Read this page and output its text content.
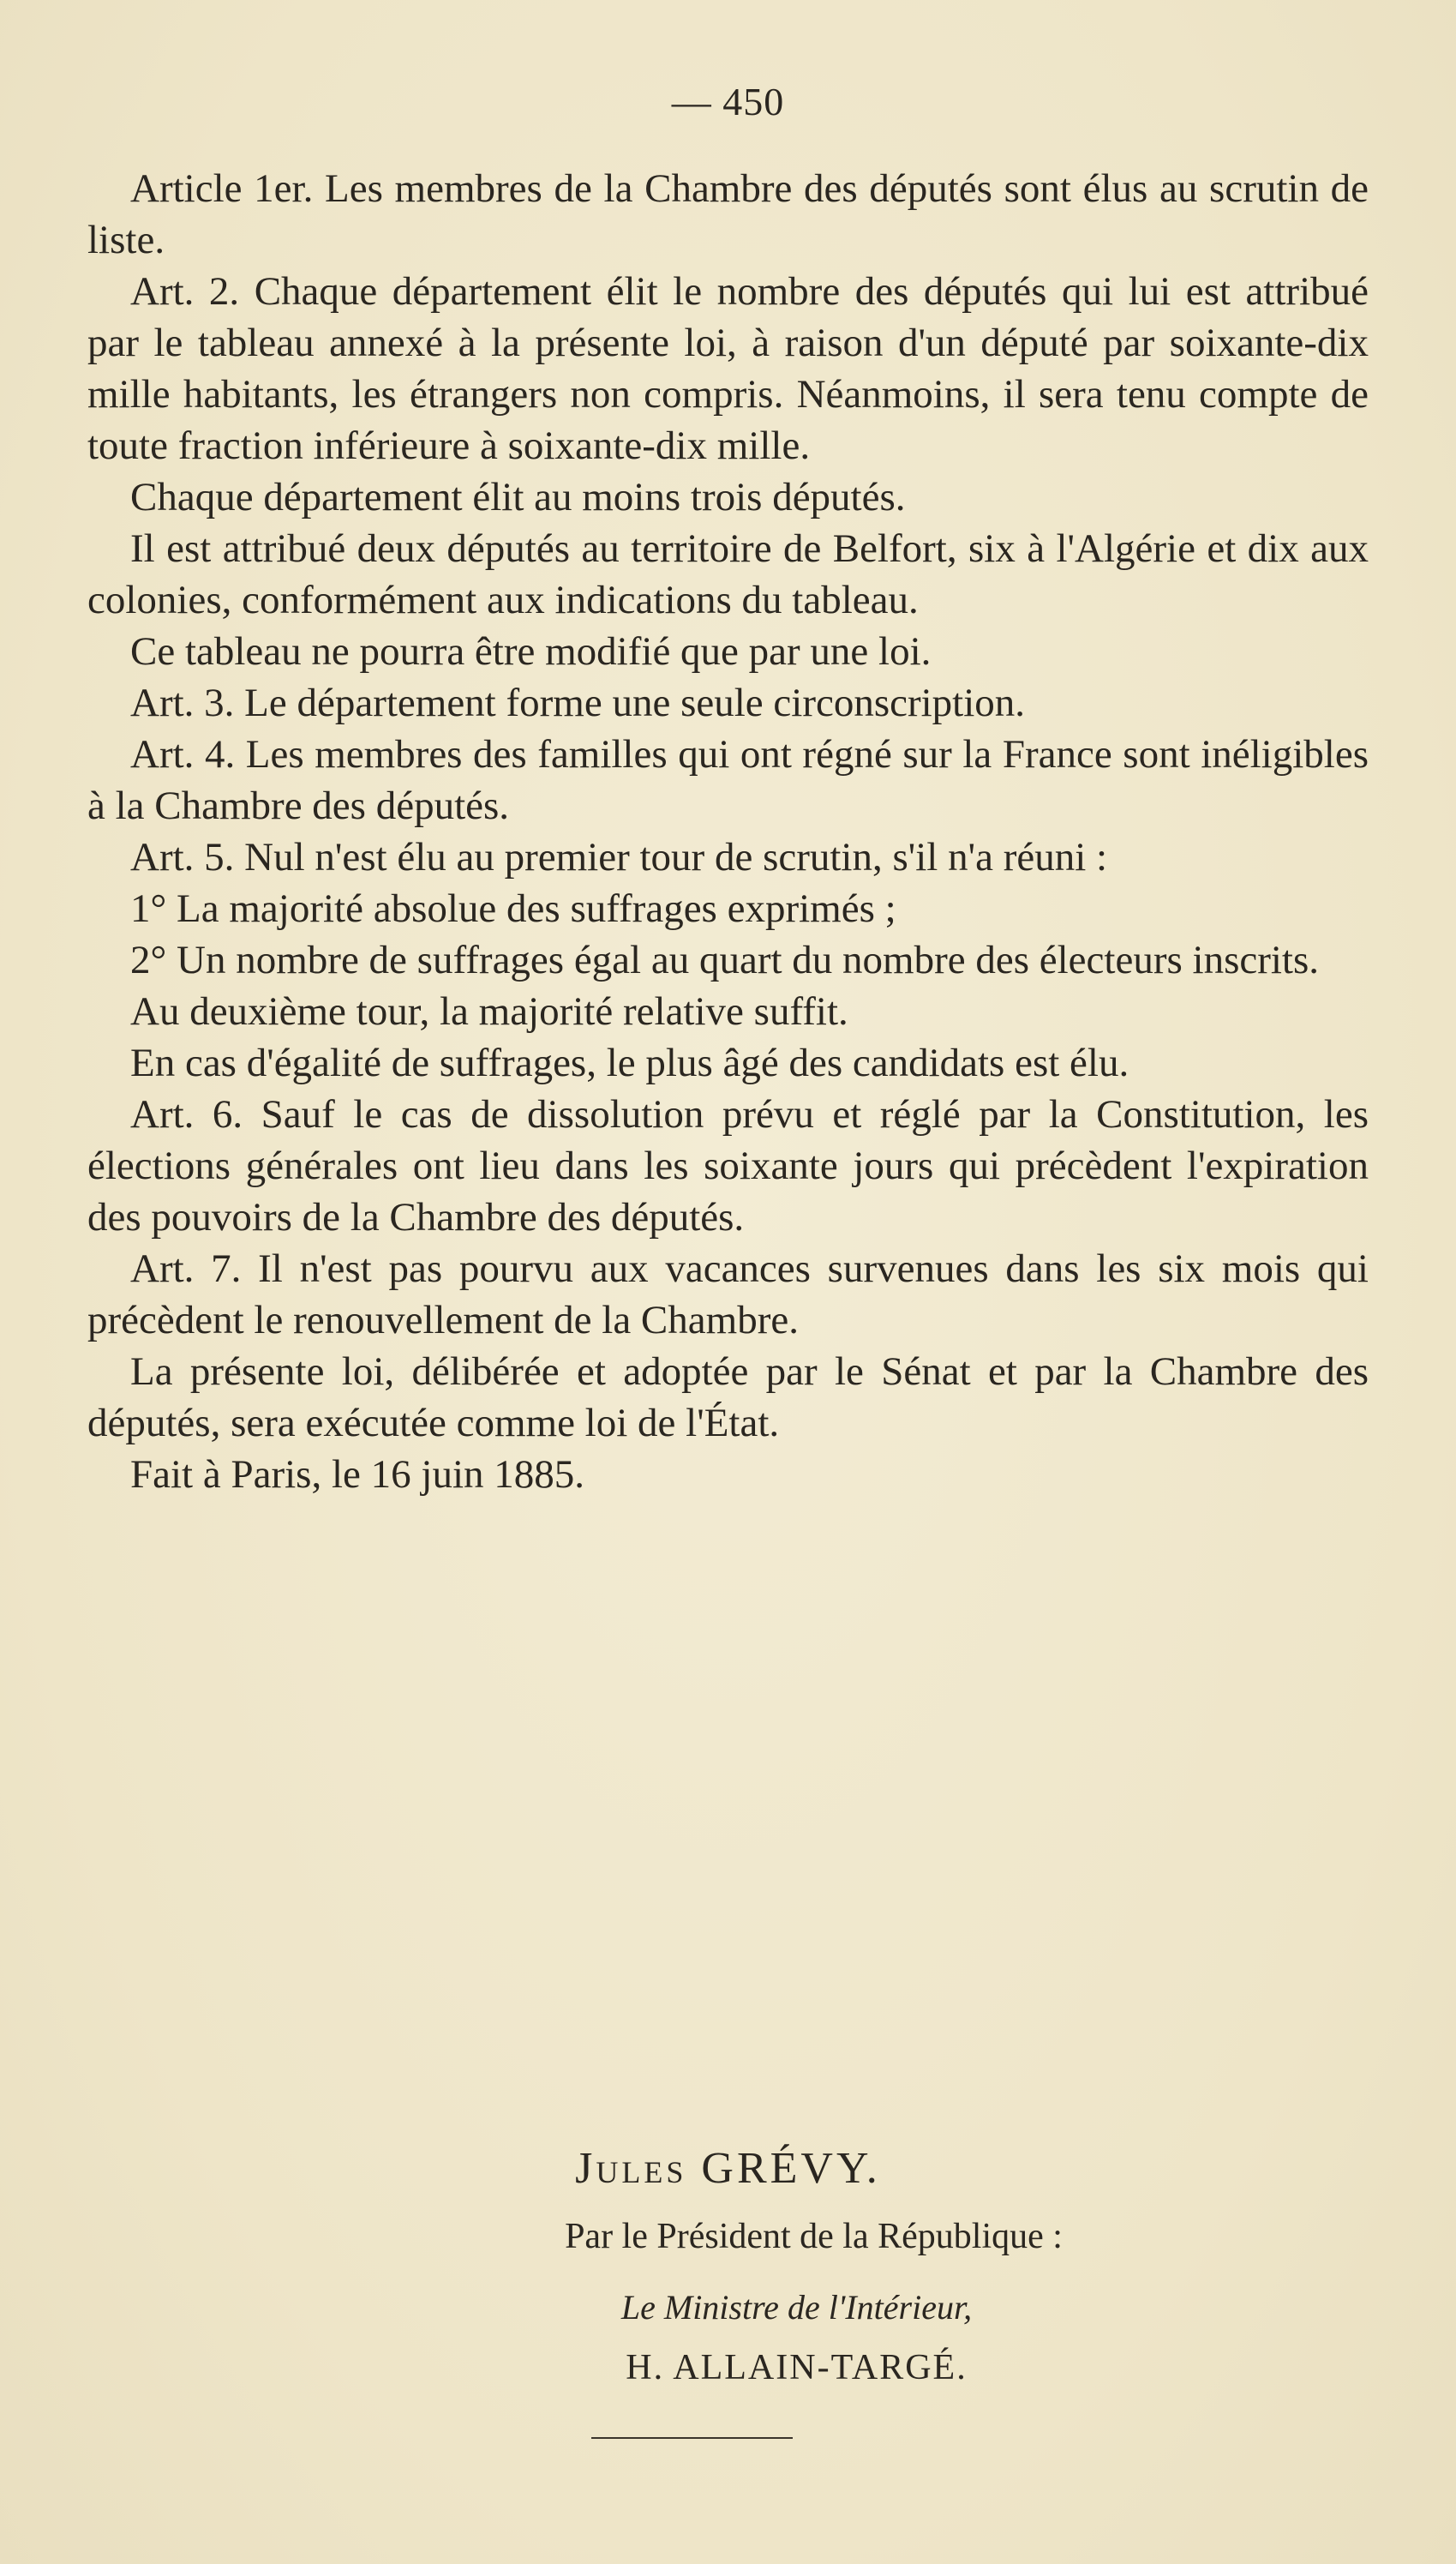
— 450

Article 1er. Les membres de la Chambre des députés sont élus au scrutin de liste.

Art. 2. Chaque département élit le nombre des députés qui lui est attribué par le tableau annexé à la présente loi, à raison d'un député par soixante-dix mille habitants, les étrangers non compris. Néanmoins, il sera tenu compte de toute fraction inférieure à soixante-dix mille.

Chaque département élit au moins trois députés.

Il est attribué deux députés au territoire de Belfort, six à l'Algérie et dix aux colonies, conformément aux indications du tableau.

Ce tableau ne pourra être modifié que par une loi.

Art. 3. Le département forme une seule circonscription.

Art. 4. Les membres des familles qui ont régné sur la France sont inéligibles à la Chambre des députés.

Art. 5. Nul n'est élu au premier tour de scrutin, s'il n'a réuni :

1° La majorité absolue des suffrages exprimés ;

2° Un nombre de suffrages égal au quart du nombre des électeurs inscrits.

Au deuxième tour, la majorité relative suffit.

En cas d'égalité de suffrages, le plus âgé des candidats est élu.

Art. 6. Sauf le cas de dissolution prévu et réglé par la Constitution, les élections générales ont lieu dans les soixante jours qui précèdent l'expiration des pouvoirs de la Chambre des députés.

Art. 7. Il n'est pas pourvu aux vacances survenues dans les six mois qui précèdent le renouvellement de la Chambre.

La présente loi, délibérée et adoptée par le Sénat et par la Chambre des députés, sera exécutée comme loi de l'État.

Fait à Paris, le 16 juin 1885.

Jules GRÉVY.
Par le Président de la République :
Le Ministre de l'Intérieur,
H. ALLAIN-TARGÉ.
